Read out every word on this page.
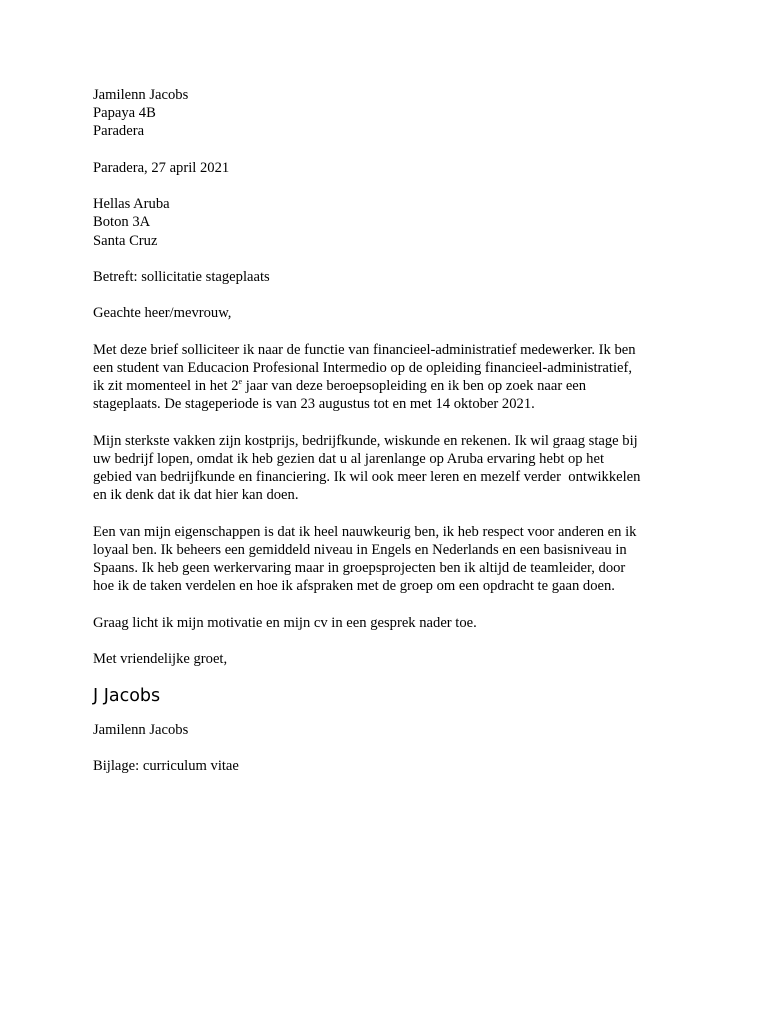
Jamilenn Jacobs
Papaya 4B
Paradera
Paradera, 27 april 2021
Hellas Aruba
Boton 3A
Santa Cruz
Betreft: sollicitatie stageplaats
Geachte heer/mevrouw,
Met deze brief solliciteer ik naar de functie van financieel-administratief medewerker. Ik ben
een student van Educacion Profesional Intermedio op de opleiding financieel-administratief,
ik zit momenteel in het 2e jaar van deze beroepsopleiding en ik ben op zoek naar een
stageplaats. De stageperiode is van 23 augustus tot en met 14 oktober 2021.
Mijn sterkste vakken zijn kostprijs, bedrijfkunde, wiskunde en rekenen. Ik wil graag stage bij
uw bedrijf lopen, omdat ik heb gezien dat u al jarenlange op Aruba ervaring hebt op het
gebied van bedrijfkunde en financiering. Ik wil ook meer leren en mezelf verder  ontwikkelen
en ik denk dat ik dat hier kan doen.
Een van mijn eigenschappen is dat ik heel nauwkeurig ben, ik heb respect voor anderen en ik
loyaal ben. Ik beheers een gemiddeld niveau in Engels en Nederlands en een basisniveau in
Spaans. Ik heb geen werkervaring maar in groepsprojecten ben ik altijd de teamleider, door
hoe ik de taken verdelen en hoe ik afspraken met de groep om een opdracht te gaan doen.
Graag licht ik mijn motivatie en mijn cv in een gesprek nader toe.
Met vriendelijke groet,
J Jacobs
Jamilenn Jacobs
Bijlage: curriculum vitae
